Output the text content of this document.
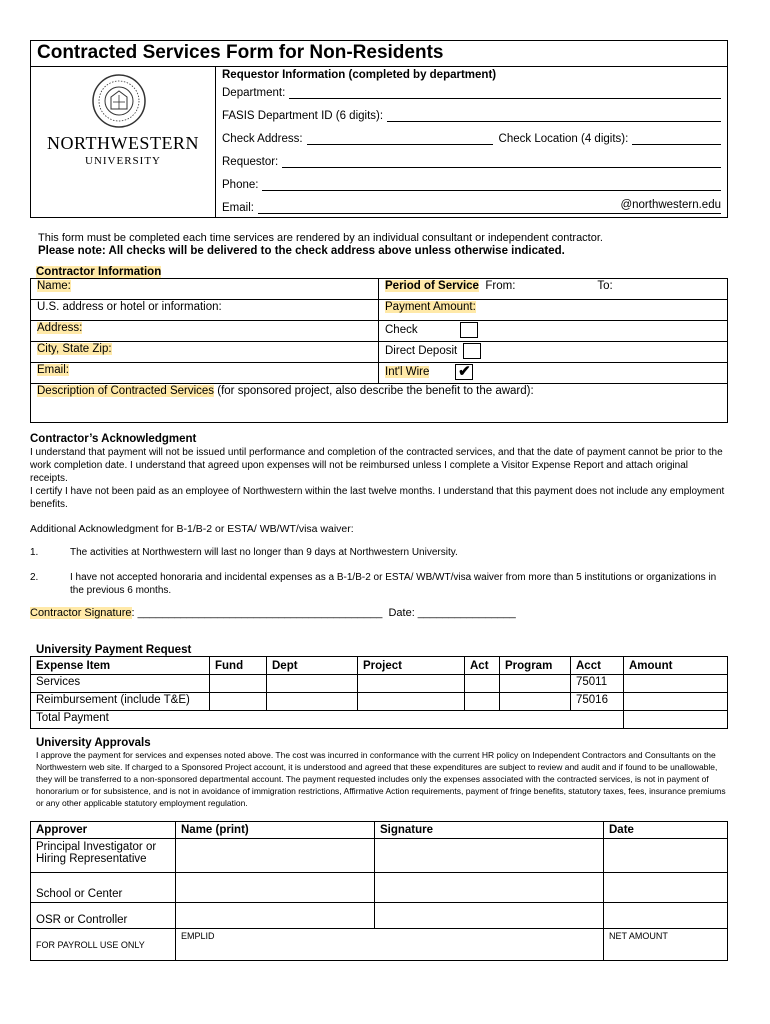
Contracted Services Form for Non-Residents
NORTHWESTERN
UNIVERSITY
Requestor Information (completed by department)
Department:
FASIS Department ID (6 digits):
Check Address:	Check Location (4 digits):
Requestor:
Phone:
Email:	@northwestern.edu
This form must be completed each time services are rendered by an individual consultant or independent contractor.
Please note: All checks will be delivered to the check address above unless otherwise indicated.
Contractor Information
Name:	Period of Service From: To:
U.S. address or hotel or information:	Payment Amount:
Address:	Check
City, State Zip:	Direct Deposit
Email:	Int'l Wire ✔
Description of Contracted Services (for sponsored project, also describe the benefit to the award):	
Contractor’s Acknowledgment

I understand that payment will not be issued until performance and completion of the contracted services, and that the date of payment cannot be prior to the work completion date. I understand that agreed upon expenses will not be reimbursed unless I complete a Visitor Expense Report and attach original receipts.

I certify I have not been paid as an employee of Northwestern within the last twelve months. I understand that this payment does not include any employment benefits.

Additional Acknowledgment for B-1/B-2 or ESTA/ WB/WT/visa waiver:

1.	The activities at Northwestern will last no longer than 9 days at Northwestern University.
2.	I have not accepted honoraria and incidental expenses as a B-1/B-2 or ESTA/ WB/WT/visa waiver from more than 5 institutions or organizations in the previous 6 months.
Contractor Signature: ________________________________________ Date: ________________
University Payment Request
Expense Item	Fund	Dept	Project	Act	Program	Acct	Amount
Services						75011	
Reimbursement (include T&E)						75016	
Total Payment							
University Approvals
I approve the payment for services and expenses noted above. The cost was incurred in conformance with the current HR policy on Independent Contractors and Consultants on the Northwestern web site. If charged to a Sponsored Project account, it is understood and agreed that these expenditures are subject to review and audit and if found to be unallowable, they will be transferred to a non-sponsored departmental account. The payment requested includes only the expenses associated with the contracted services, is not in payment of honorarium or for subsistence, and is not in avoidance of immigration restrictions, Affirmative Action requirements, payment of fringe benefits, statutory taxes, fees, insurance premiums or any other applicable statutory employment regulation.
Approver	Name (print)	Signature	Date
Principal Investigator or Hiring Representative			
School or Center			
OSR or Controller			
FOR PAYROLL USE ONLY	EMPLID		NET AMOUNT
